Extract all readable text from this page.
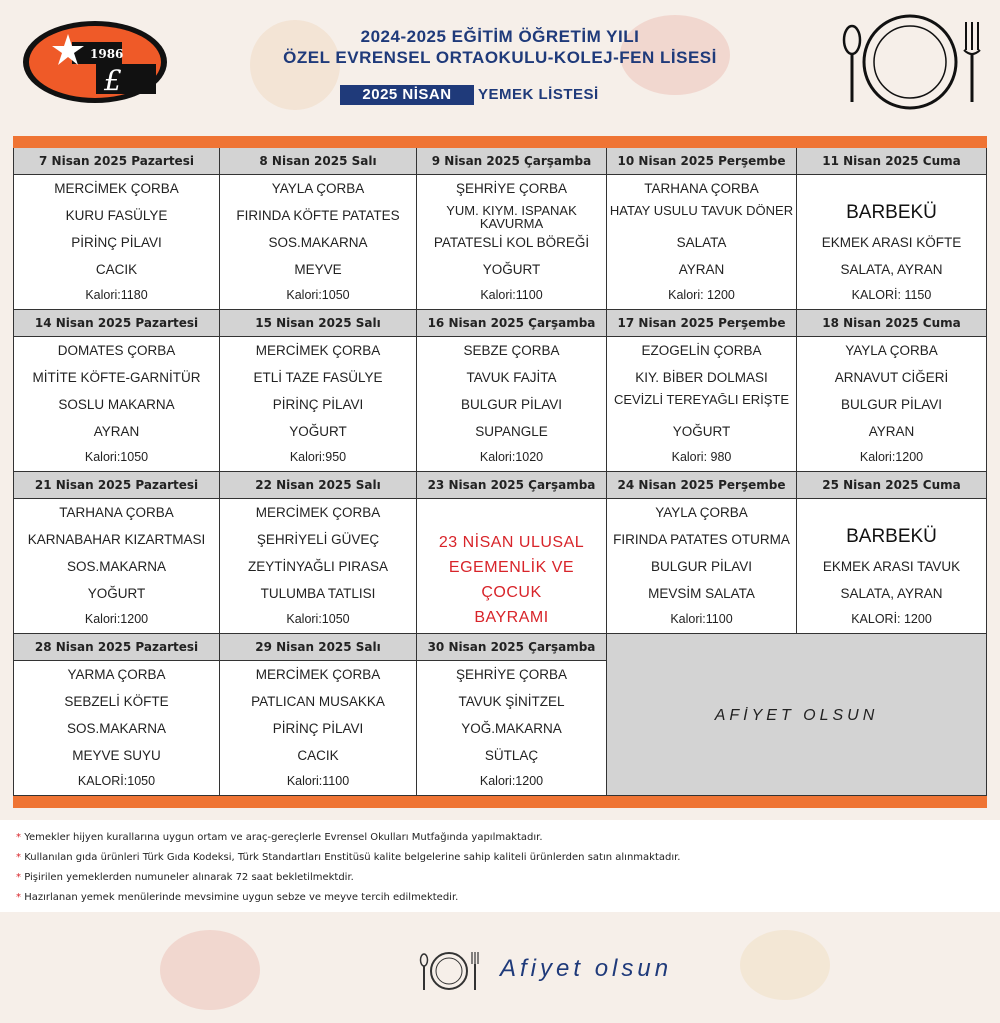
1986
£
2024-2025 EĞİTİM ÖĞRETİM YILI
ÖZEL EVRENSEL ORTAOKULU-KOLEJ-FEN LİSESİ
2025 NİSAN	YEMEK LİSTESİ
7 Nisan 2025 Pazartesi
MERCİMEK ÇORBA
KURU FASÜLYE
PİRİNÇ PİLAVI
CACIK
Kalori:1180
8 Nisan 2025 Salı
YAYLA ÇORBA
FIRINDA KÖFTE PATATES
SOS.MAKARNA
MEYVE
Kalori:1050
9 Nisan 2025 Çarşamba
ŞEHRİYE ÇORBA
YUM. KIYM. ISPANAK KAVURMA
PATATESLİ KOL BÖREĞİ
YOĞURT
Kalori:1100
10 Nisan 2025 Perşembe
TARHANA ÇORBA
HATAY USULU TAVUK DÖNER
SALATA
AYRAN
Kalori: 1200
11 Nisan 2025 Cuma
BARBEKÜ
EKMEK ARASI KÖFTE
SALATA, AYRAN
KALORİ: 1150
14 Nisan 2025 Pazartesi
DOMATES ÇORBA
MİTİTE KÖFTE-GARNİTÜR
SOSLU MAKARNA
AYRAN
Kalori:1050
15 Nisan 2025 Salı
MERCİMEK ÇORBA
ETLİ TAZE FASÜLYE
PİRİNÇ PİLAVI
YOĞURT
Kalori:950
16 Nisan 2025 Çarşamba
SEBZE ÇORBA
TAVUK FAJİTA
BULGUR PİLAVI
SUPANGLE
Kalori:1020
17 Nisan 2025 Perşembe
EZOGELİN ÇORBA
KIY. BİBER DOLMASI
CEVİZLİ TEREYAĞLI ERİŞTE
YOĞURT
Kalori: 980
18 Nisan 2025 Cuma
YAYLA ÇORBA
ARNAVUT CİĞERİ
BULGUR PİLAVI
AYRAN
Kalori:1200
21 Nisan 2025 Pazartesi
TARHANA ÇORBA
KARNABAHAR KIZARTMASI
SOS.MAKARNA
YOĞURT
Kalori:1200
22 Nisan 2025 Salı
MERCİMEK ÇORBA
ŞEHRİYELİ GÜVEÇ
ZEYTİNYAĞLI PIRASA
TULUMBA TATLISI
Kalori:1050
23 Nisan 2025 Çarşamba
23 NİSAN ULUSAL
EGEMENLİK VE ÇOCUK
BAYRAMI
24 Nisan 2025 Perşembe
YAYLA ÇORBA
FIRINDA PATATES OTURMA
BULGUR PİLAVI
MEVSİM SALATA
Kalori:1100
25 Nisan 2025 Cuma
BARBEKÜ
EKMEK ARASI TAVUK
SALATA, AYRAN
KALORİ: 1200
28 Nisan 2025 Pazartesi
YARMA ÇORBA
SEBZELİ KÖFTE
SOS.MAKARNA
MEYVE SUYU
KALORİ:1050
29 Nisan 2025 Salı
MERCİMEK ÇORBA
PATLICAN MUSAKKA
PİRİNÇ PİLAVI
CACIK
Kalori:1100
30 Nisan 2025 Çarşamba
ŞEHRİYE ÇORBA
TAVUK ŞİNİTZEL
YOĞ.MAKARNA
SÜTLAÇ
Kalori:1200
AFİYET OLSUN
* Yemekler hijyen kurallarına uygun ortam ve araç-gereçlerle Evrensel Okulları Mutfağında yapılmaktadır.
* Kullanılan gıda ürünleri Türk Gıda Kodeksi, Türk Standartları Enstitüsü kalite belgelerine sahip kaliteli ürünlerden satın alınmaktadır.
* Pişirilen yemeklerden numuneler alınarak 72 saat bekletilmektdir.
* Hazırlanan yemek menülerinde mevsimine uygun sebze ve meyve tercih edilmektedir.
Afiyet olsun
